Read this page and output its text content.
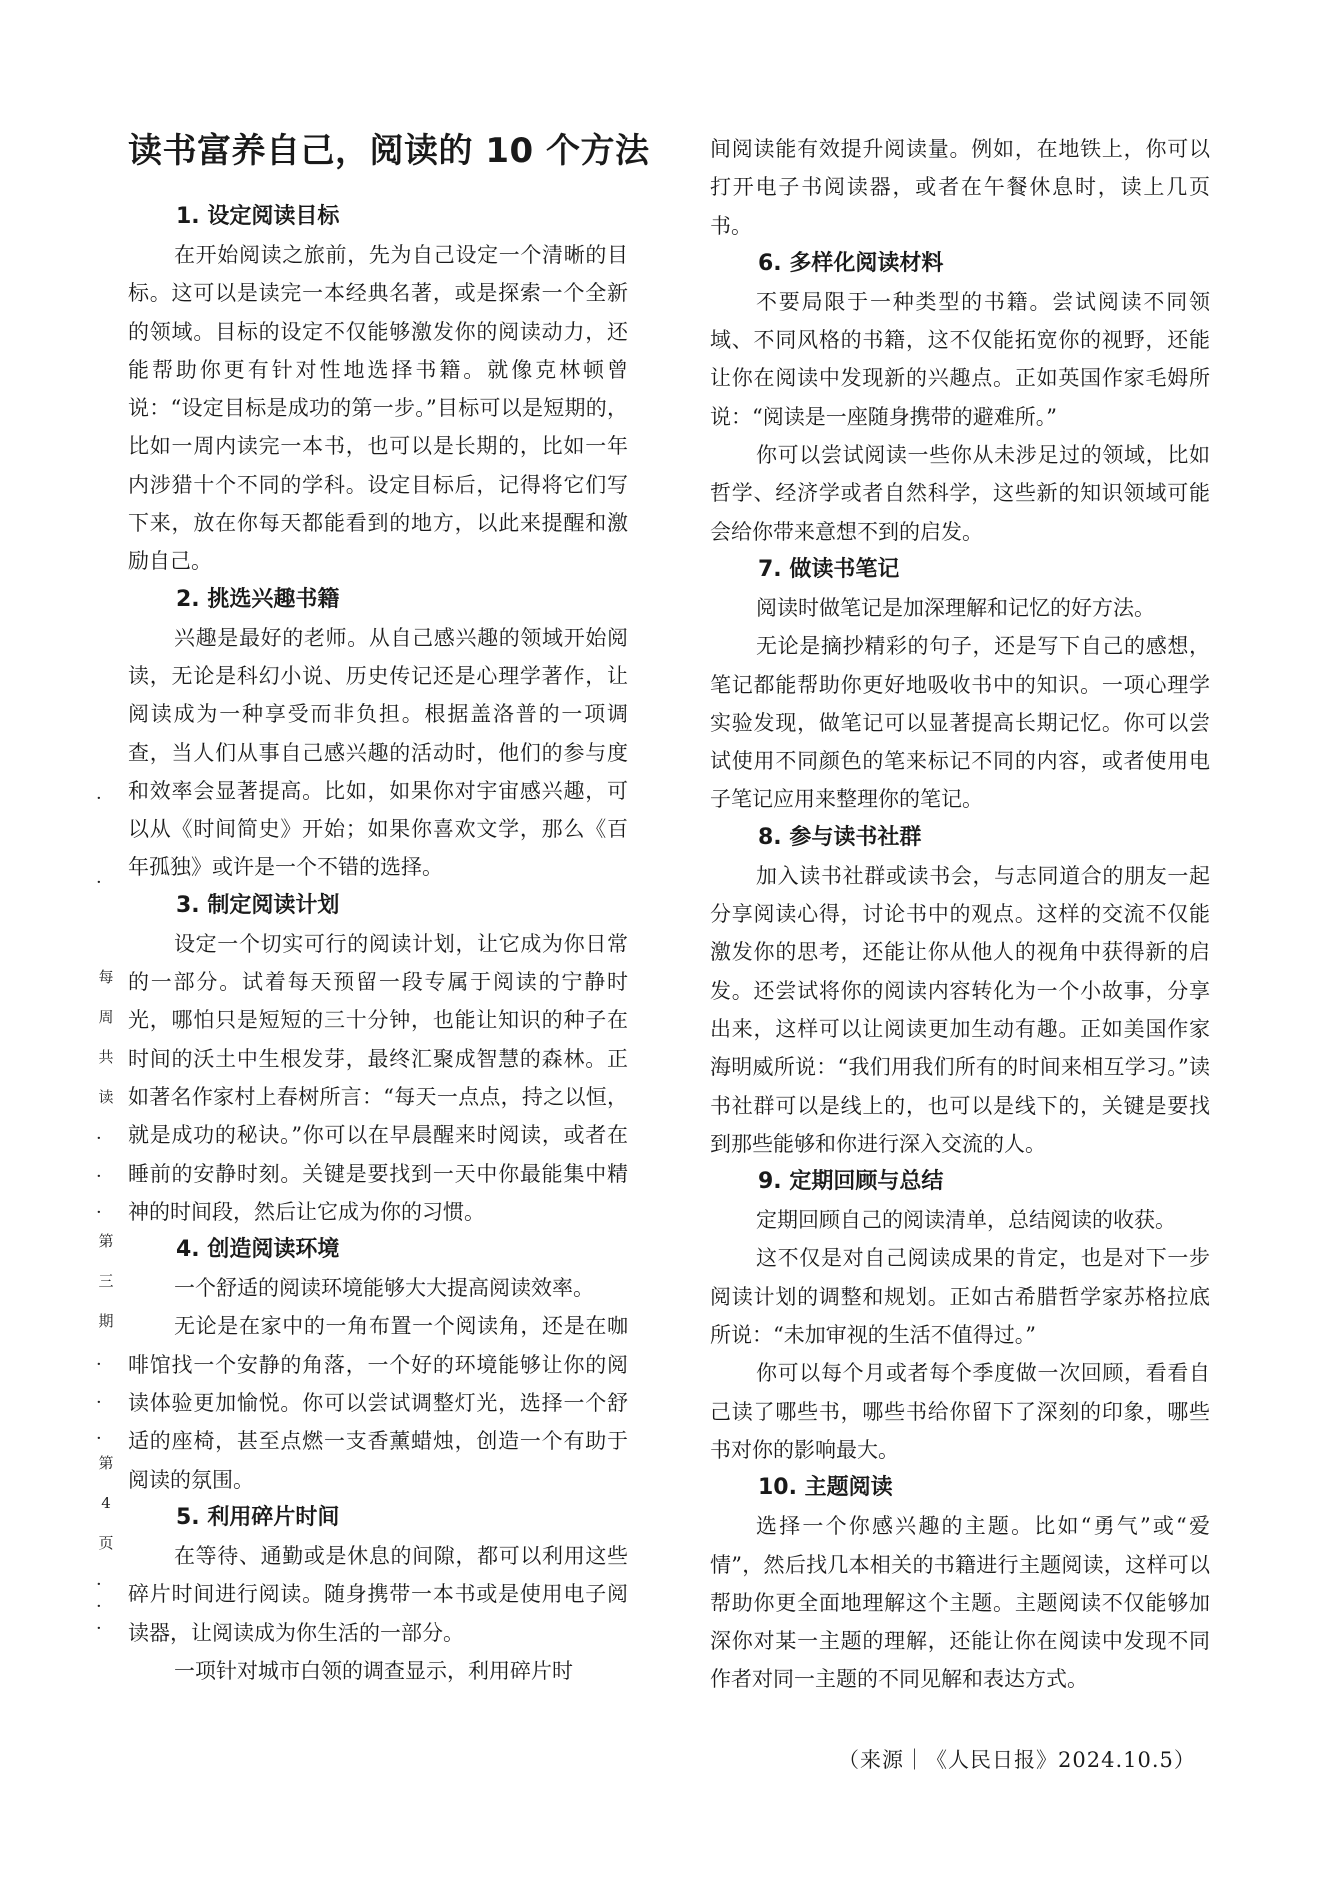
读书富养自己，阅读的 10 个方法
1. 设定阅读目标

在开始阅读之旅前，先为自己设定一个清晰的目标。这可以是读完一本经典名著，或是探索一个全新的领域。目标的设定不仅能够激发你的阅读动力，还能帮助你更有针对性地选择书籍。就像克林顿曾说：“设定目标是成功的第一步。”目标可以是短期的，比如一周内读完一本书，也可以是长期的，比如一年内涉猎十个不同的学科。设定目标后，记得将它们写下来，放在你每天都能看到的地方，以此来提醒和激励自己。

2. 挑选兴趣书籍

兴趣是最好的老师。从自己感兴趣的领域开始阅读，无论是科幻小说、历史传记还是心理学著作，让阅读成为一种享受而非负担。根据盖洛普的一项调查，当人们从事自己感兴趣的活动时，他们的参与度和效率会显著提高。比如，如果你对宇宙感兴趣，可以从《时间简史》开始；如果你喜欢文学，那么《百年孤独》或许是一个不错的选择。

3. 制定阅读计划

设定一个切实可行的阅读计划，让它成为你日常的一部分。试着每天预留一段专属于阅读的宁静时光，哪怕只是短短的三十分钟，也能让知识的种子在时间的沃土中生根发芽，最终汇聚成智慧的森林。正如著名作家村上春树所言：“每天一点点，持之以恒，就是成功的秘诀。”你可以在早晨醒来时阅读，或者在睡前的安静时刻。关键是要找到一天中你最能集中精神的时间段，然后让它成为你的习惯。

4. 创造阅读环境

一个舒适的阅读环境能够大大提高阅读效率。

无论是在家中的一角布置一个阅读角，还是在咖啡馆找一个安静的角落，一个好的环境能够让你的阅读体验更加愉悦。你可以尝试调整灯光，选择一个舒适的座椅，甚至点燃一支香薰蜡烛，创造一个有助于阅读的氛围。

5. 利用碎片时间

在等待、通勤或是休息的间隙，都可以利用这些碎片时间进行阅读。随身携带一本书或是使用电子阅读器，让阅读成为你生活的一部分。

一项针对城市白领的调查显示，利用碎片时

间阅读能有效提升阅读量。例如，在地铁上，你可以打开电子书阅读器，或者在午餐休息时，读上几页书。

6. 多样化阅读材料

不要局限于一种类型的书籍。尝试阅读不同领域、不同风格的书籍，这不仅能拓宽你的视野，还能让你在阅读中发现新的兴趣点。正如英国作家毛姆所说：“阅读是一座随身携带的避难所。”

你可以尝试阅读一些你从未涉足过的领域，比如哲学、经济学或者自然科学，这些新的知识领域可能会给你带来意想不到的启发。

7. 做读书笔记

阅读时做笔记是加深理解和记忆的好方法。

无论是摘抄精彩的句子，还是写下自己的感想，笔记都能帮助你更好地吸收书中的知识。一项心理学实验发现，做笔记可以显著提高长期记忆。你可以尝试使用不同颜色的笔来标记不同的内容，或者使用电子笔记应用来整理你的笔记。

8. 参与读书社群

加入读书社群或读书会，与志同道合的朋友一起分享阅读心得，讨论书中的观点。这样的交流不仅能激发你的思考，还能让你从他人的视角中获得新的启发。还尝试将你的阅读内容转化为一个小故事，分享出来，这样可以让阅读更加生动有趣。正如美国作家海明威所说：“我们用我们所有的时间来相互学习。”读书社群可以是线上的，也可以是线下的，关键是要找到那些能够和你进行深入交流的人。

9. 定期回顾与总结

定期回顾自己的阅读清单，总结阅读的收获。

这不仅是对自己阅读成果的肯定，也是对下一步阅读计划的调整和规划。正如古希腊哲学家苏格拉底所说：“未加审视的生活不值得过。”

你可以每个月或者每个季度做一次回顾，看看自己读了哪些书，哪些书给你留下了深刻的印象，哪些书对你的影响最大。

10. 主题阅读

选择一个你感兴趣的主题。比如“勇气”或“爱情”，然后找几本相关的书籍进行主题阅读，这样可以帮助你更全面地理解这个主题。主题阅读不仅能够加深你对某一主题的理解，还能让你在阅读中发现不同作者对同一主题的不同见解和表达方式。

（来源｜《人民日报》2024.10.5）
·
·
每
周
共
读
·
·
·
第
三
期
·
·
·
第
4
页
·
·
·
